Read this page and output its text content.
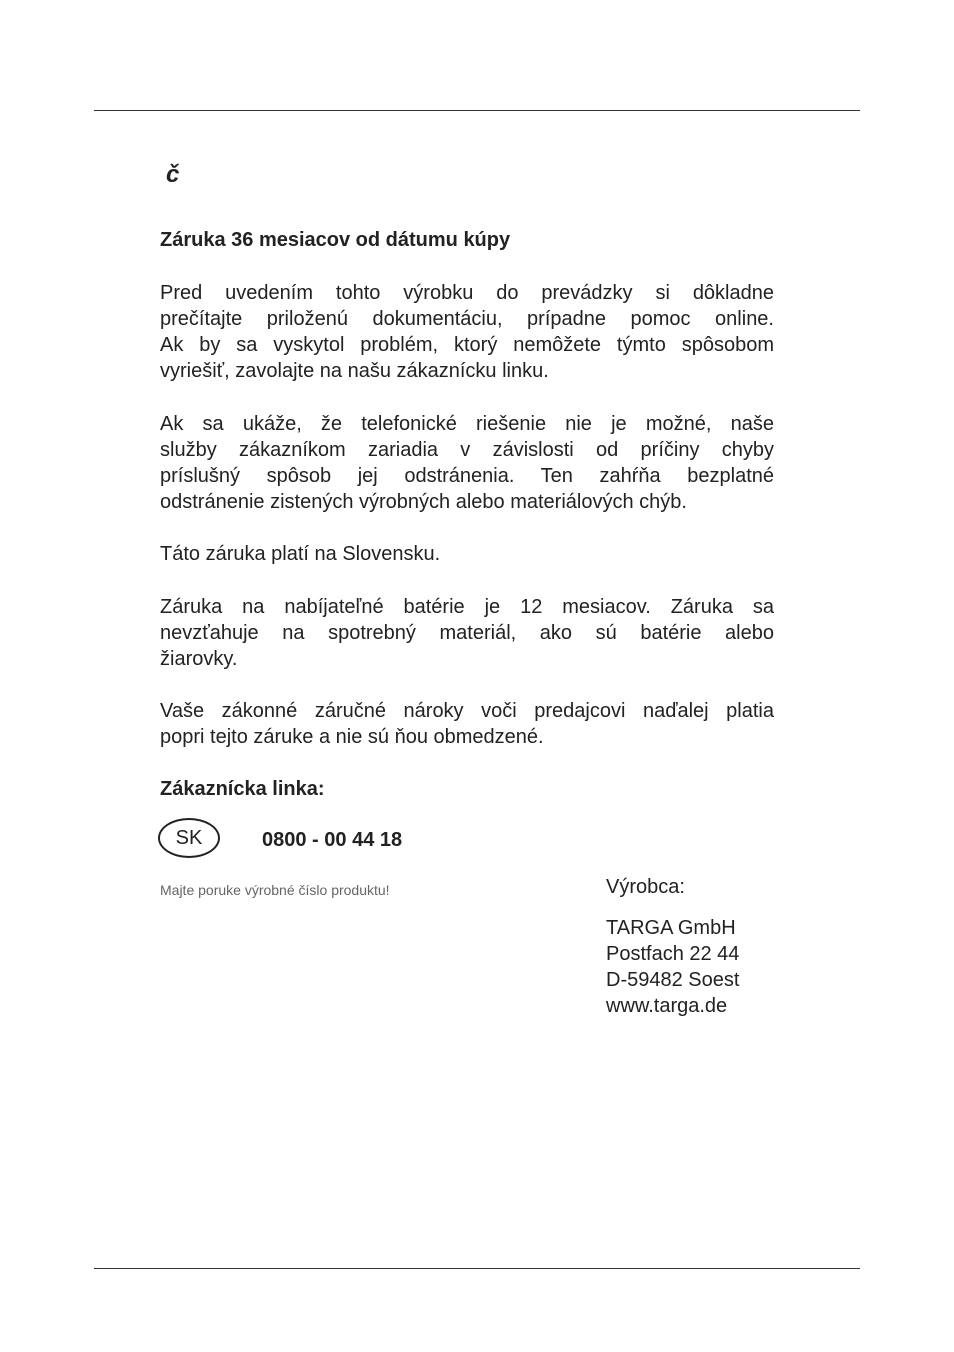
č
Záruka 36 mesiacov od dátumu kúpy
Pred uvedením tohto výrobku do prevádzky si dôkladne
prečítajte priloženú dokumentáciu, prípadne pomoc online.
Ak by sa vyskytol problém, ktorý nemôžete týmto spôsobom
vyriešiť, zavolajte na našu zákaznícku linku.
Ak sa ukáže, že telefonické riešenie nie je možné, naše
služby zákazníkom zariadia v závislosti od príčiny chyby
príslušný spôsob jej odstránenia. Ten zahŕňa bezplatné
odstránenie zistených výrobných alebo materiálových chýb.
Táto záruka platí na Slovensku.
Záruka na nabíjateľné batérie je 12 mesiacov. Záruka sa
nevzťahuje na spotrebný materiál, ako sú batérie alebo
žiarovky.
Vaše zákonné záručné nároky voči predajcovi naďalej platia
popri tejto záruke a nie sú ňou obmedzené.
Zákaznícka linka:
SK	0800 - 00 44 18
Majte poruke výrobné číslo produktu!	Výrobca:
TARGA GmbH
Postfach 22 44
D-59482 Soest
www.targa.de
